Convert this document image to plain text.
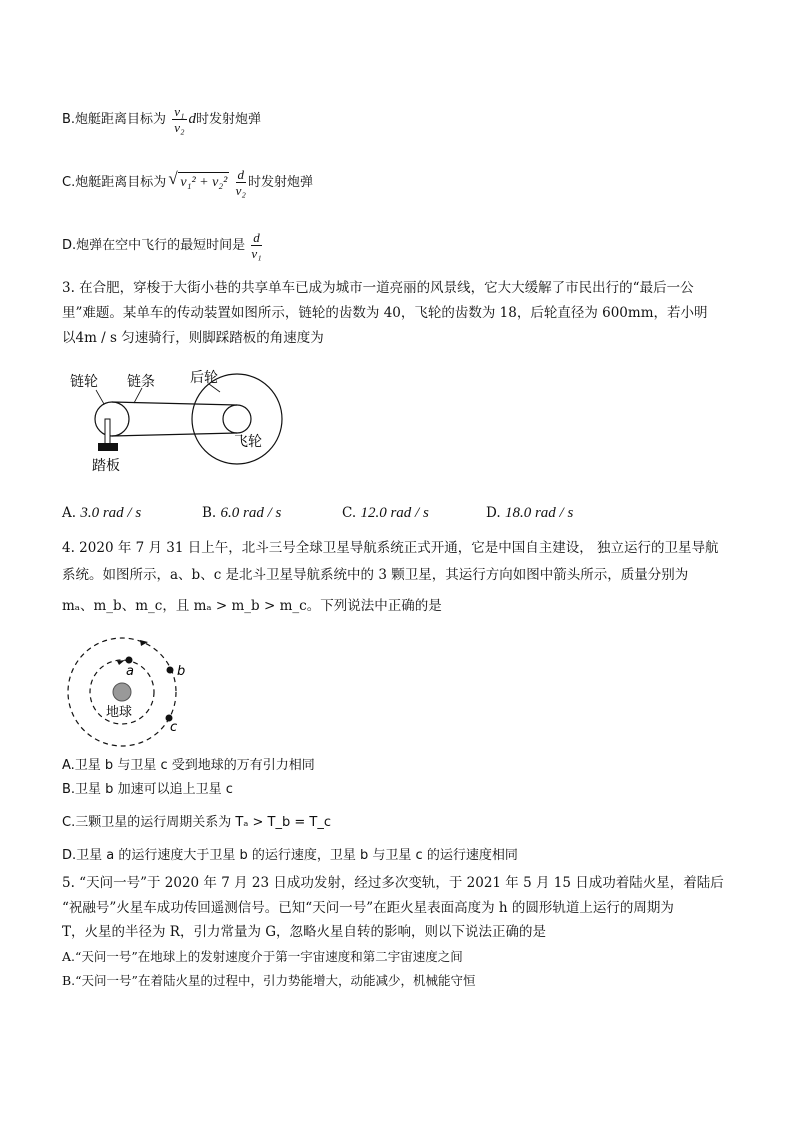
B.炮艇距离目标为 $\frac{\text{v₁}}{\text{v₂}}$ d时发射炮弹
C.炮艇距离目标为 √ $v_1^2 + v_2^2 \frac{d}{\text{v₂}}$ 时发射炮弹
D.炮弹在空中飞行的最短时间是 $\frac{d}{\text{v₁}}$
3. 在合肥，穿梭于大街小巷的共享单车已成为城市一道亮丽的风景线，它大大缓解了市民出行的“最后一公
里”难题。某单车的传动装置如图所示，链轮的齿数为 40，飞轮的齿数为 18，后轮直径为 600mm，若小明
以4m / s 匀速骑行，则脚踩踏板的角速度为
链轮 链条	后轮
飞轮
踏板
A. 3.0 rad / s	B. 6.0 rad / s	C. 12.0 rad / s	D. 18.0 rad / s
4. 2020 年 7 月 31 日上午，北斗三号全球卫星导航系统正式开通，它是中国自主建设， 独立运行的卫星导航
系统。如图所示，a、b、c 是北斗卫星导航系统中的 3 颗卫星，其运行方向如图中箭头所示，质量分别为
mₐ、m_b、m_c，且 mₐ > m_b > m_c。下列说法中正确的是
a	b
c
地球
A.卫星 b 与卫星 c 受到地球的万有引力相同
B.卫星 b 加速可以追上卫星 c
C.三颗卫星的运行周期关系为 Tₐ > T_b = T_c
D.卫星 a 的运行速度大于卫星 b 的运行速度，卫星 b 与卫星 c 的运行速度相同
5. “天问一号”于 2020 年 7 月 23 日成功发射，经过多次变轨，于 2021 年 5 月 15 日成功着陆火星，着陆后
“祝融号”火星车成功传回遥测信号。已知“天问一号”在距火星表面高度为 h 的圆形轨道上运行的周期为
T，火星的半径为 R，引力常量为 G，忽略火星自转的影响，则以下说法正确的是
A.“天问一号”在地球上的发射速度介于第一宇宙速度和第二宇宙速度之间
B.“天问一号”在着陆火星的过程中，引力势能增大，动能减少，机械能守恒
